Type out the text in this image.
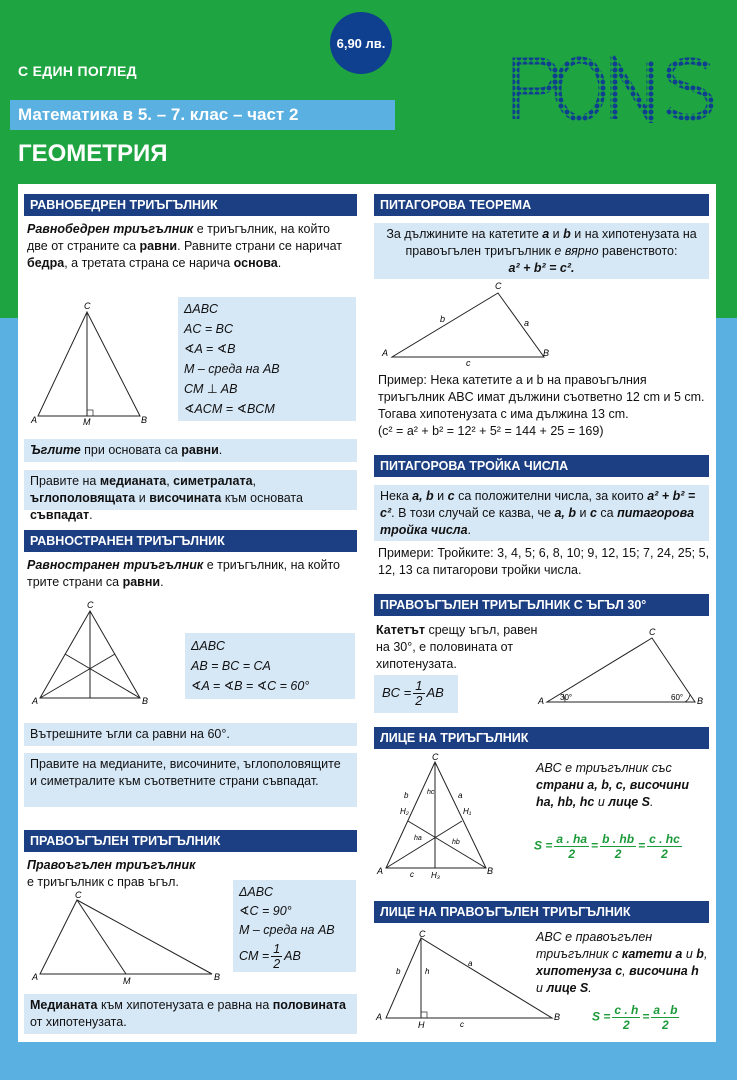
С ЕДИН ПОГЛЕД
6,90 лв.
Математика в 5. – 7. клас – част 2
ГЕОМЕТРИЯ
РАВНОБЕДРЕН ТРИЪГЪЛНИК
Равнобедрен триъгълник е триъгълник, на който две от страните са равни. Равните страни се наричат бедра, а третата страна се нарича основа.
A	B
C
M
ΔABC
AC = BC
∢A = ∢B
M – среда на AB
CM ⊥ AB
∢ACM = ∢BCM
Ъглите при основата са равни.
Правите на медианата, симетралата, ъглополовящата и височината към основата съвпадат.
РАВНОСТРАНЕН ТРИЪГЪЛНИК
Равностранен триъгълник е триъгълник, на който трите страни са равни.
A	B
C
ΔABC
AB = BC = CA
∢A = ∢B = ∢C = 60°
Вътрешните ъгли са равни на 60°.
Правите на медианите, височините, ъглополовящите и симетралите към съответните страни съвпадат.
ПРАВОЪГЪЛЕН ТРИЪГЪЛНИК
Правоъгълен триъгълник
е триъгълник с прав ъгъл.
A	B
C
M
ΔABC
∢C = 90°
M – среда на AB
CM = $\frac{1}{2}$ AB
Медианата към хипотенузата е равна на половината от хипотенузата.
ПИТАГОРОВА ТЕОРЕМА
За дължините на катетите a и b и на хипотенузата на правоъгълен триъгълник е вярно равенството:
a² + b² = c².
A	B
C
a
b
c
Пример: Нека катетите a и b на правоъгълния триъгълник ABC имат дължини съответно 12 cm и 5 cm. Тогава хипотенузата c има дължина 13 cm.
(c² = a² + b² = 12² + 5² = 144 + 25 = 169)
ПИТАГОРОВА ТРОЙКА ЧИСЛА
Нека a, b и c са положителни числа, за които a² + b² = c². В този случай се казва, че a, b и c са питагорова тройка числа.
Примери: Тройките: 3, 4, 5; 6, 8, 10; 9, 12, 15; 7, 24, 25; 5, 12, 13 са питагорови тройки числа.
ПРАВОЪГЪЛЕН ТРИЪГЪЛНИК С ЪГЪЛ 30°
Катетът срещу ъгъл, равен на 30°, е половината от хипотенузата.
BC = $\frac{1}{2}$ AB
A	B
C
30°	60°
ЛИЦЕ НА ТРИЪГЪЛНИК
A	B
C
H₁
H₂
H₃
a
b
c
hc
ha
hb
ABC е триъгълник със страни a, b, c, височини ha, hb, hc и лице S.
$S = \frac{a . ha}{2} = \frac{b . hb}{2} = \frac{c . hc}{2}$
ЛИЦЕ НА ПРАВОЪГЪЛЕН ТРИЪГЪЛНИК
A	B
C
H
a
b
c
h
ABC е правоъгълен триъгълник с катети a и b, хипотенуза c, височина h и лице S.
$S = \frac{c . h}{2} = \frac{a . b}{2}$
